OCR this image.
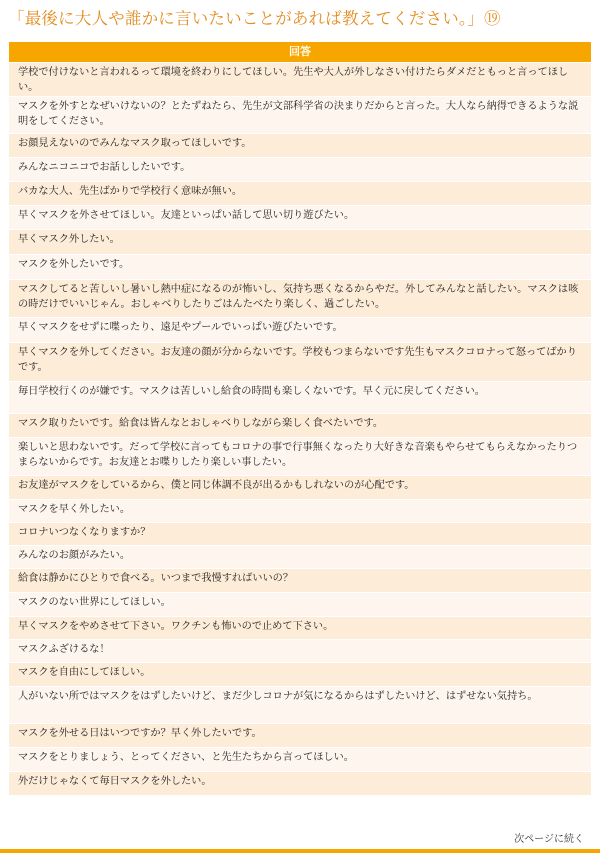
「最後に大人や誰かに言いたいことがあれば教えてください。」⑲
回答
学校で付けないと言われるって環境を終わりにしてほしい。先生や大人が外しなさい付けたらダメだともっと言ってほしい。
マスクを外すとなぜいけないの？とたずねたら、先生が文部科学省の決まりだからと言った。大人なら納得できるような説明をしてください。
お顔見えないのでみんなマスク取ってほしいです。
みんなニコニコでお話ししたいです。
バカな大人、先生ばかりで学校行く意味が無い。
早くマスクを外させてほしい。友達といっぱい話して思い切り遊びたい。
早くマスク外したい。
マスクを外したいです。
マスクしてると苦しいし暑いし熱中症になるのが怖いし、気持ち悪くなるからやだ。外してみんなと話したい。マスクは咳の時だけでいいじゃん。おしゃべりしたりごはんたべたり楽しく、過ごしたい。
早くマスクをせずに喋ったり、遠足やプールでいっぱい遊びたいです。
早くマスクを外してください。お友達の顔が分からないです。学校もつまらないです先生もマスクコロナって怒ってばかりです。
毎日学校行くのが嫌です。マスクは苦しいし給食の時間も楽しくないです。早く元に戻してください。
マスク取りたいです。給食は皆んなとおしゃべりしながら楽しく食べたいです。
楽しいと思わないです。だって学校に言ってもコロナの事で行事無くなったり大好きな音楽もやらせてもらえなかったりつまらないからです。お友達とお喋りしたり楽しい事したい。
お友達がマスクをしているから、僕と同じ体調不良が出るかもしれないのが心配です。
マスクを早く外したい。
コロナいつなくなりますか？
みんなのお顔がみたい。
給食は静かにひとりで食べる。いつまで我慢すればいいの？
マスクのない世界にしてほしい。
早くマスクをやめさせて下さい。ワクチンも怖いので止めて下さい。
マスクふざけるな！
マスクを自由にしてほしい。
人がいない所ではマスクをはずしたいけど、まだ少しコロナが気になるからはずしたいけど、はずせない気持ち。
マスクを外せる日はいつですか？早く外したいです。
マスクをとりましょう、とってください、と先生たちから言ってほしい。
外だけじゃなくて毎日マスクを外したい。
次ページに続く
